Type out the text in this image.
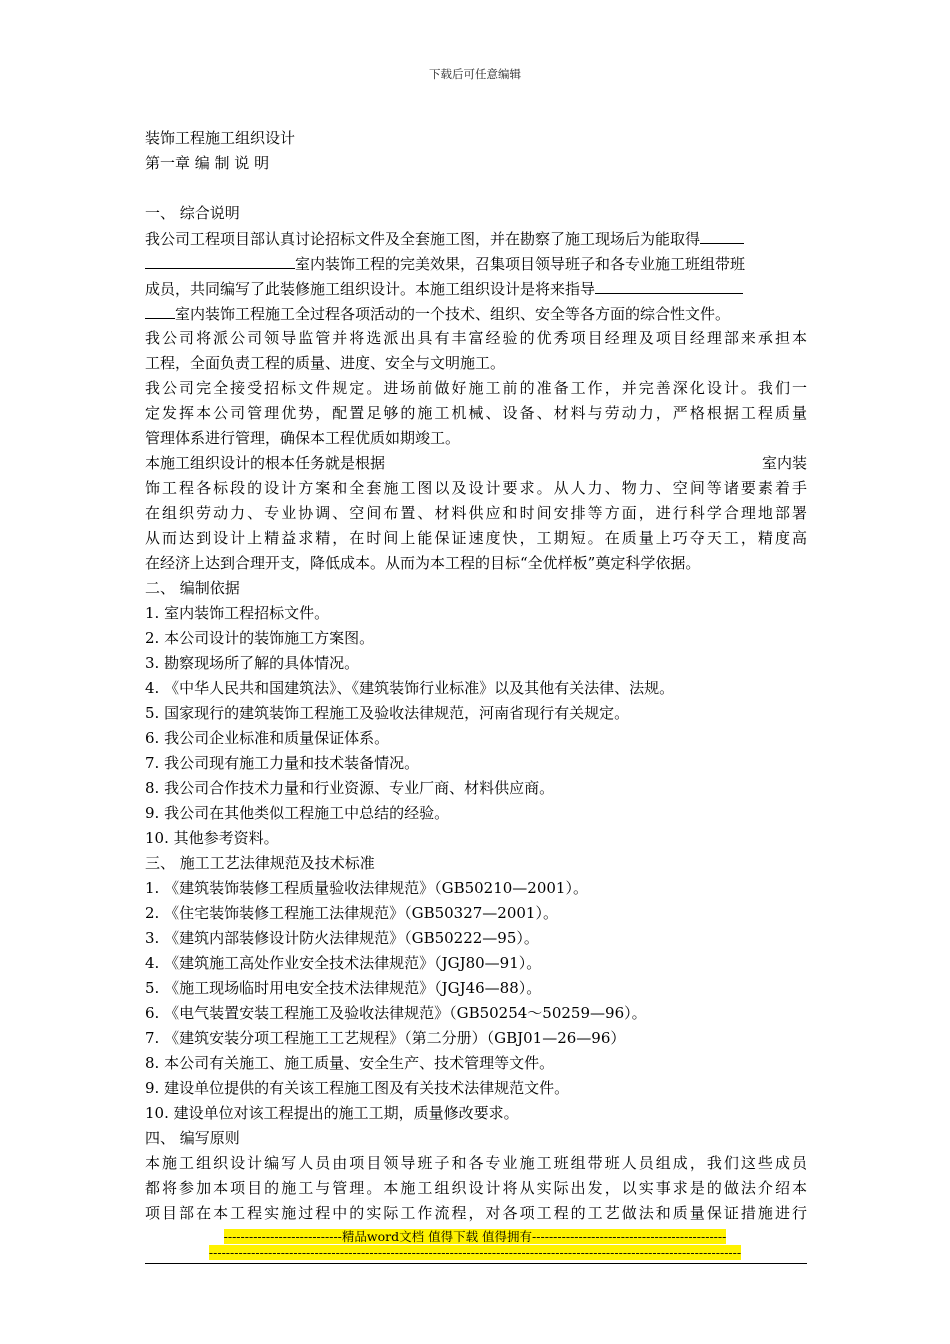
下载后可任意编辑
装饰工程施工组织设计
第一章 编 制 说 明
一、 综合说明
我公司工程项目部认真讨论招标文件及全套施工图，并在勘察了施工现场后为能取得
室内装饰工程的完美效果，召集项目领导班子和各专业施工班组带班
成员，共同编写了此装修施工组织设计。本施工组织设计是将来指导
室内装饰工程施工全过程各项活动的一个技术、组织、安全等各方面的综合性文件。
我公司将派公司领导监管并将选派出具有丰富经验的优秀项目经理及项目经理部来承担本
工程，全面负责工程的质量、进度、安全与文明施工。
我公司完全接受招标文件规定。进场前做好施工前的准备工作，并完善深化设计。我们一
定发挥本公司管理优势，配置足够的施工机械、设备、材料与劳动力，严格根据工程质量
管理体系进行管理，确保本工程优质如期竣工。
本施工组织设计的根本任务就是根据	室内装
饰工程各标段的设计方案和全套施工图以及设计要求。从人力、物力、空间等诸要素着手
在组织劳动力、专业协调、空间布置、材料供应和时间安排等方面，进行科学合理地部署
从而达到设计上精益求精，在时间上能保证速度快，工期短。在质量上巧夺天工，精度高
在经济上达到合理开支，降低成本。从而为本工程的目标“全优样板”奠定科学依据。
二、 编制依据
1. 室内装饰工程招标文件。
2. 本公司设计的装饰施工方案图。
3. 勘察现场所了解的具体情况。
4. 《中华人民共和国建筑法》、《建筑装饰行业标准》以及其他有关法律、法规。
5. 国家现行的建筑装饰工程施工及验收法律规范，河南省现行有关规定。
6. 我公司企业标准和质量保证体系。
7. 我公司现有施工力量和技术装备情况。
8. 我公司合作技术力量和行业资源、专业厂商、材料供应商。
9. 我公司在其他类似工程施工中总结的经验。
10. 其他参考资料。
三、 施工工艺法律规范及技术标准
1. 《建筑装饰装修工程质量验收法律规范》（GB50210—2001）。
2. 《住宅装饰装修工程施工法律规范》（GB50327—2001）。
3. 《建筑内部装修设计防火法律规范》（GB50222—95）。
4. 《建筑施工高处作业安全技术法律规范》（JGJ80—91）。
5. 《施工现场临时用电安全技术法律规范》（JGJ46—88）。
6. 《电气装置安装工程施工及验收法律规范》（GB50254～50259—96）。
7. 《建筑安装分项工程施工工艺规程》（第二分册）（GBJ01—26—96）
8. 本公司有关施工、施工质量、安全生产、技术管理等文件。
9. 建设单位提供的有关该工程施工图及有关技术法律规范文件。
10. 建设单位对该工程提出的施工工期，质量修改要求。
四、 编写原则
本施工组织设计编写人员由项目领导班子和各专业施工班组带班人员组成，我们这些成员
都将参加本项目的施工与管理。本施工组织设计将从实际出发，以实事求是的做法介绍本
项目部在本工程实施过程中的实际工作流程，对各项工程的工艺做法和质量保证措施进行
----------------------------精品word文档 值得下载 值得拥有----------------------------------------------
------------------------------------------------------------------------------------------------------------------------------
